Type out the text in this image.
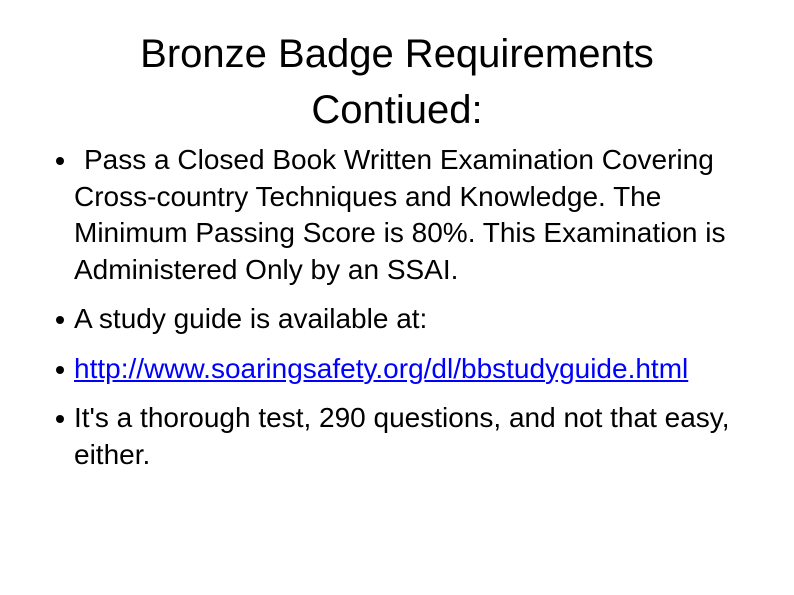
Bronze Badge Requirements
Contiued:
Pass a Closed Book Written Examination Covering Cross-country Techniques and Knowledge. The Minimum Passing Score is 80%. This Examination is Administered Only by an SSAI.
A study guide is available at:
http://www.soaringsafety.org/dl/bbstudyguide.html
It's a thorough test, 290 questions, and not that easy, either.
